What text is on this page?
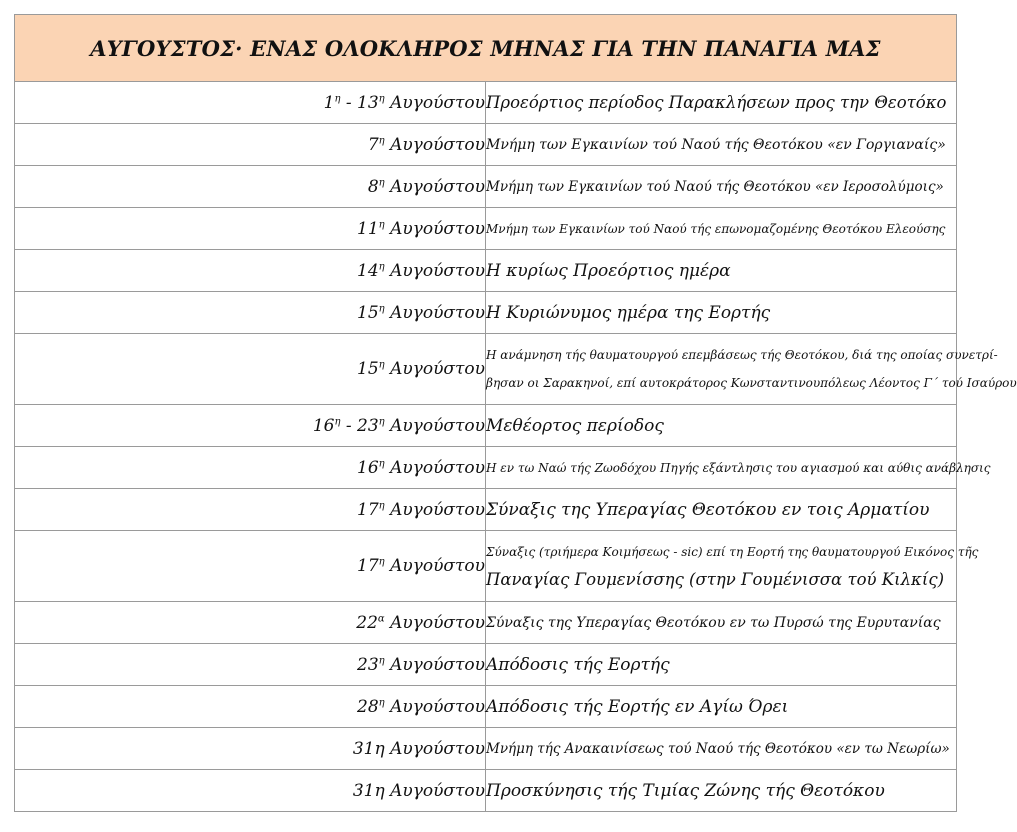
ΑΥΓΟΥΣΤΟΣ· ΕΝΑΣ ΟΛΟΚΛΗΡΟΣ ΜΗΝΑΣ ΓΙΑ ΤΗΝ ΠΑΝΑΓΙΑ ΜΑΣ	
$1^\eta - 13^\eta$ Αυγούστου	Προεόρτιος περίοδος Παρακλήσεων προς την Θεοτόκο

$7^\eta$ Αυγούστου	Μνήμη των Εγκαινίων τού Ναού τής Θεοτόκου «εν Γοργιαναίς»

$8^\eta$ Αυγούστου	Μνήμη των Εγκαινίων τού Ναού τής Θεοτόκου «εν Ιεροσολύμοις»

$11^\eta$ Αυγούστου	Μνήμη των Εγκαινίων τού Ναού τής επωνομαζομένης Θεοτόκου Ελεούσης

$14^\eta$ Αυγούστου	Η κυρίως Προεόρτιος ημέρα

$15^\eta$ Αυγούστου	Η Κυριώνυμος ημέρα της Εορτής

$15^\eta$ Αυγούστου	Η ανάμνηση τής θαυματουργού επεμβάσεως τής Θεοτόκου, διά της οποίας συνετρί-
βησαν οι Σαρακηνοί, επί αυτοκράτορος Κωνσταντινουπόλεως Λέοντος Γ΄ τού Ισαύρου

$16^\eta - 23^\eta$ Αυγούστου	Μεθέορτος περίοδος

$16^\eta$ Αυγούστου	Η εν τω Ναώ τής Ζωοδόχου Πηγής εξάντλησις του αγιασμού και αύθις ανάβλησις

$17^\eta$ Αυγούστου	Σύναξις της Υπεραγίας Θεοτόκου εν τοις Αρματίου

$17^\eta$ Αυγούστου	Σύναξις (τριήμερα Κοιμήσεως - sic) επί τη Εορτή της θαυματουργού Εικόνος τῆς
Παναγίας Γουμενίσσης (στην Γουμένισσα τού Κιλκίς)

$22^\alpha$ Αυγούστου	Σύναξις της Υπεραγίας Θεοτόκου εν τω Πυρσώ της Ευρυτανίας

$23^\eta$ Αυγούστου	Απόδοσις τής Εορτής

$28^\eta$ Αυγούστου	Απόδοσις τής Εορτής εν Αγίω Όρει

31η Αυγούστου	Μνήμη τής Ανακαινίσεως τού Ναού τής Θεοτόκου «εν τω Νεωρίω»

31η Αυγούστου	Προσκύνησις τής Τιμίας Ζώνης τής Θεοτόκου
